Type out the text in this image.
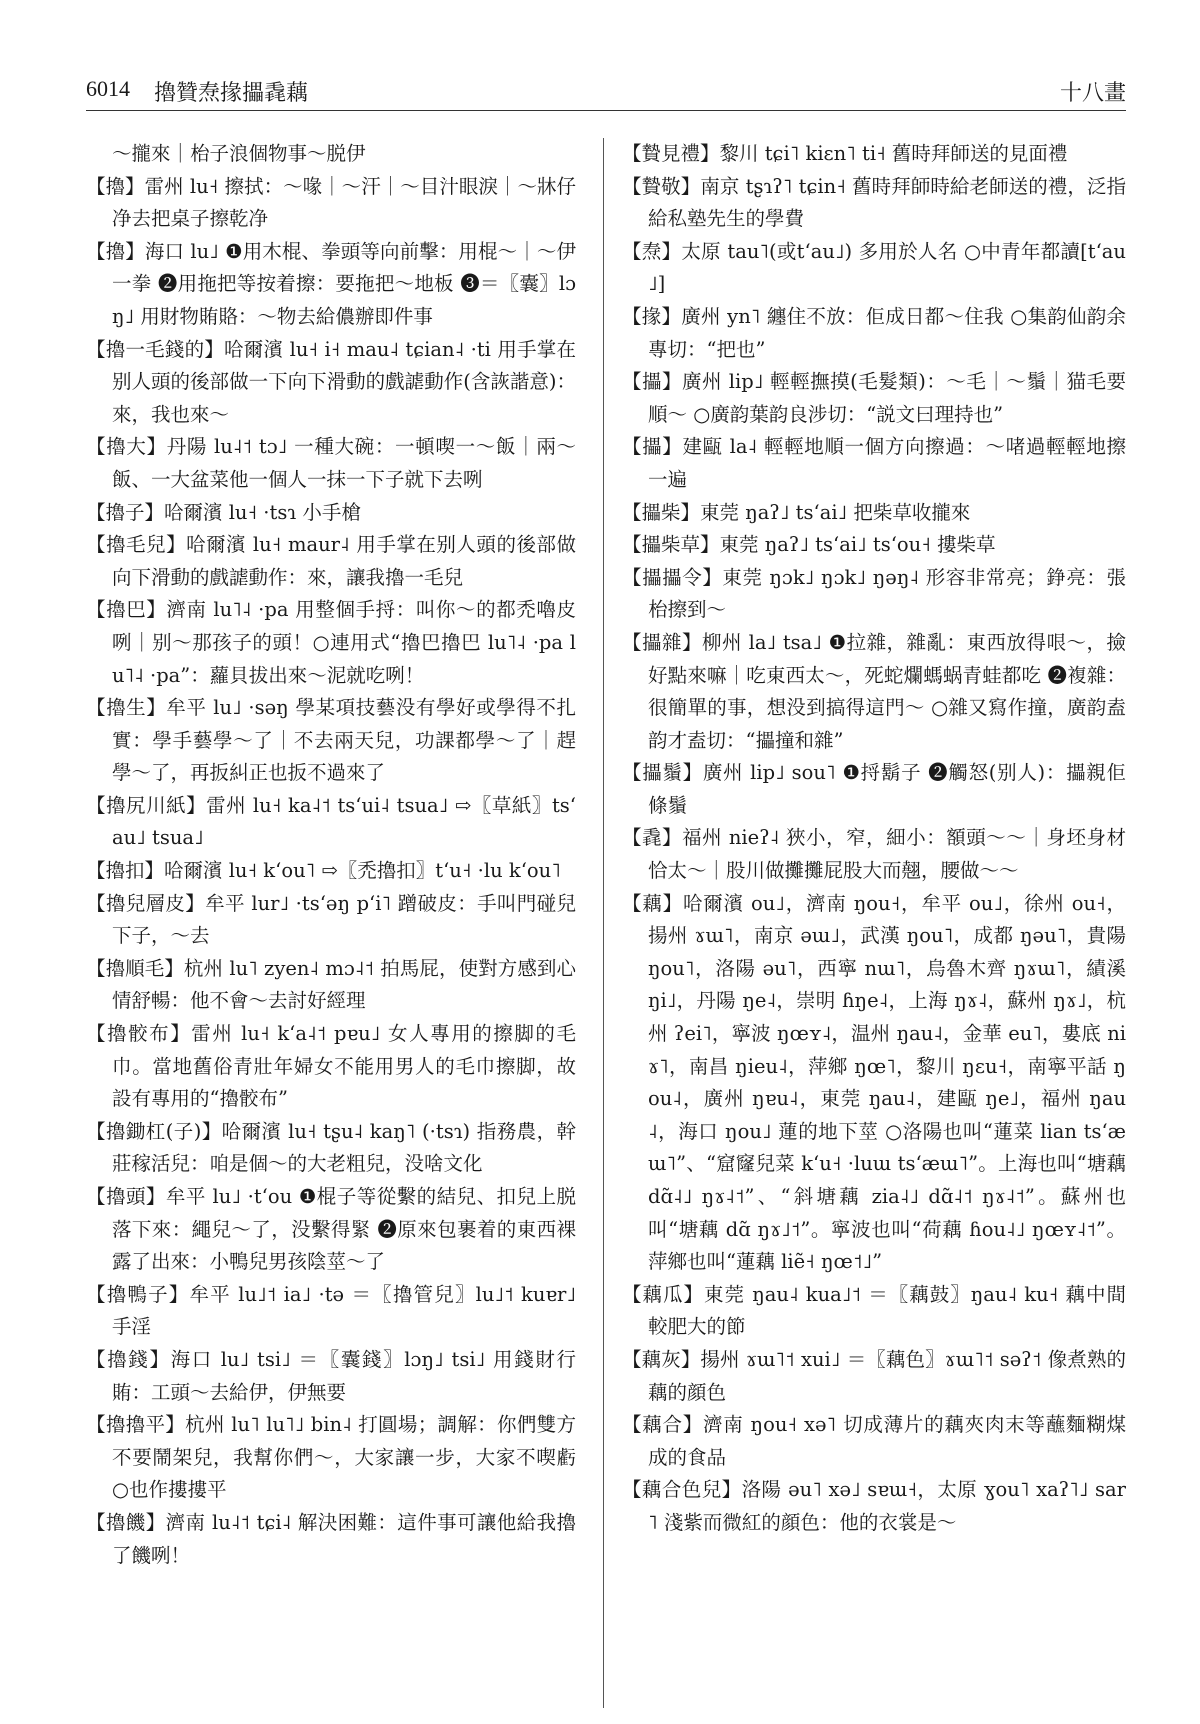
6014 擼贊焘掾攂毳藕	十八畫

～攏來｜枱子浪個物事～脱伊

【擼】雷州 lu˧ 擦拭：～喙｜～汗｜～目汁眼淚｜～牀仔净去把桌子擦乾净

【擼】海口 lu˩ ❶用木棍、拳頭等向前擊：用棍～｜～伊一拳 ❷用拖把等按着擦：要拖把～地板 ❸＝〖囊〗lɔŋ˩ 用財物賄賂：～物去給儂辦即件事

【擼一毛錢的】哈爾濱 lu˧ i˧ mau˨ tɕian˨ ·ti 用手掌在别人頭的後部做一下向下滑動的戲謔動作(含詼諧意)：來，我也來～

【擼大】丹陽 lu˨˦ tɔ˩ 一種大碗：一頓喫一～飯｜兩～飯、一大盆菜他一個人一抹一下子就下去咧

【擼子】哈爾濱 lu˧ ·tsɿ 小手槍

【擼毛兒】哈爾濱 lu˧ maur˨ 用手掌在别人頭的後部做向下滑動的戲謔動作：來，讓我擼一毛兒

【擼巴】濟南 lu˥˨ ·pa 用整個手捋：叫你～的都禿嚕皮咧｜别～那孩子的頭！○連用式“擼巴擼巴 lu˥˨ ·pa lu˥˨ ·pa”：蘿貝拔出來～泥就吃咧！

【擼生】牟平 lu˩ ·səŋ 學某項技藝没有學好或學得不扎實：學手藝學～了｜不去兩天兒，功課都學～了｜趕學～了，再扳糾正也扳不過來了

【擼尻川紙】雷州 lu˧ ka˨˦ tsʻui˨ tsua˩ ⇨〖草紙〗tsʻau˩ tsua˩

【擼扣】哈爾濱 lu˧ kʻou˥ ⇨〖禿擼扣〗tʻu˧ ·lu kʻou˥

【擼兒層皮】牟平 lur˩ ·tsʻəŋ pʻi˥ 蹭破皮：手叫門碰兒下子，～去

【擼順毛】杭州 lu˥ zyen˨ mɔ˨˦ 拍馬屁，使對方感到心情舒暢：他不會～去討好經理

【擼骹布】雷州 lu˧ kʻa˨˦ pɐu˩ 女人專用的擦脚的毛巾。當地舊俗青壯年婦女不能用男人的毛巾擦脚，故設有專用的“擼骹布”

【擼鋤杠(子)】哈爾濱 lu˧ tʂu˨ kaŋ˥ (·tsɿ) 指務農，幹莊稼活兒：咱是個～的大老粗兒，没啥文化

【擼頭】牟平 lu˩ ·tʻou ❶棍子等從繫的結兒、扣兒上脱落下來：繩兒～了，没繫得緊 ❷原來包裹着的東西裸露了出來：小鴨兒男孩陰莖～了

【擼鴨子】牟平 lu˩˦ ia˩ ·tə ＝〖擼管兒〗lu˩˦ kuɐr˩ 手淫

【擼錢】海口 lu˩ tsi˩ ＝〖囊錢〗lɔŋ˩ tsi˩ 用錢財行賄：工頭～去給伊，伊無要

【擼擼平】杭州 lu˥ lu˥˩ bin˨ 打圓場；調解：你們雙方不要鬧架兒，我幫你們～，大家讓一步，大家不喫虧 ○也作摟摟平

【擼饑】濟南 lu˨˦ tɕi˨ 解決困難：這件事可讓他給我擼了饑咧！

【贄見禮】黎川 tɕi˥ kiɛn˥ ti˧ 舊時拜師送的見面禮

【贄敬】南京 tʂɿʔ˥ tɕin˧ 舊時拜師時給老師送的禮，泛指給私塾先生的學費

【焘】太原 tau˥(或tʻau˩) 多用於人名 ○中青年都讀[tʻau˩]

【掾】廣州 yn˥ 纏住不放：佢成日都～住我 ○集韵仙韵余專切：“把也”

【攂】廣州 lip˩ 輕輕撫摸(毛髮類)：～毛｜～鬚｜猫毛要順～ ○廣韵葉韵良涉切：“説文曰理持也”

【攂】建甌 la˨ 輕輕地順一個方向擦過：～啫過輕輕地擦一遍

【攂柴】東莞 ŋaʔ˩ tsʻai˩ 把柴草收攏來

【攂柴草】東莞 ŋaʔ˩ tsʻai˩ tsʻou˧ 摟柴草

【攂攂令】東莞 ŋɔk˩ ŋɔk˩ ŋəŋ˨ 形容非常亮；錚亮：張枱擦到～

【攂雜】柳州 la˩ tsa˩ ❶拉雜，雜亂：東西放得哏～，撿好點來嘛｜吃東西太～，死蛇爛螞蜗青蛙都吃 ❷複雜：很簡單的事，想没到搞得這門～ ○雜又寫作撞，廣韵盍韵才盍切：“攂撞和雜”

【攂鬚】廣州 lip˩ sou˥ ❶捋鬍子 ❷觸怒(别人)：攂親佢條鬚

【毳】福州 nieʔ˨ 狹小，窄，細小：額頭～～｜身坯身材恰太～｜股川做攤攤屁股大而翹，腰做～～

【藕】哈爾濱 ou˩，濟南 ŋou˧，牟平 ou˩，徐州 ou˧，揚州 ɤɯ˥，南京 əɯ˩，武漢 ŋou˥，成都 ŋəu˥，貴陽 ŋou˥，洛陽 əu˥，西寧 nɯ˥，烏魯木齊 ŋɤɯ˥，績溪 ŋi˩，丹陽 ŋe˨，崇明 ɦŋe˨，上海 ŋɤ˨，蘇州 ŋɤ˩，杭州 ʔei˥，寧波 ŋœʏ˨，温州 ŋau˨，金華 eu˥，婁底 niɤ˥，南昌 ŋieu˨，萍鄉 ŋœ˥，黎川 ŋɛu˧，南寧平話 ŋou˨，廣州 ŋɐu˨，東莞 ŋau˨，建甌 ŋe˩，福州 ŋau˨，海口 ŋou˩ 蓮的地下莖 ○洛陽也叫“蓮菜 lian tsʻæɯ˥”、“窟窿兒菜 kʻu˧ ·luɯ tsʻæɯ˥”。上海也叫“塘藕 dɑ̃˨˩ ŋɤ˨˦”、“斜塘藕 zia˨˩ dɑ̃˨˦ ŋɤ˨˦”。蘇州也叫“塘藕 dɑ̃ ŋɤ˩˦”。寧波也叫“荷藕 ɦou˨˩ ŋœʏ˨˦”。萍鄉也叫“蓮藕 liẽ˧ ŋœ˦˩”

【藕瓜】東莞 ŋau˨ kua˩˦ ＝〖藕鼓〗ŋau˨ ku˧ 藕中間較肥大的節

【藕灰】揚州 ɤɯ˥˦ xui˩ ＝〖藕色〗ɤɯ˥˦ səʔ˦ 像煮熟的藕的顔色

【藕合】濟南 ŋou˧ xə˥ 切成薄片的藕夾肉末等蘸麵糊煤成的食品

【藕合色兒】洛陽 əu˥ xə˩ sɐɯ˧，太原 ɣou˥ xaʔ˥˩ sar˥ 淺紫而微紅的顔色：他的衣裳是～
